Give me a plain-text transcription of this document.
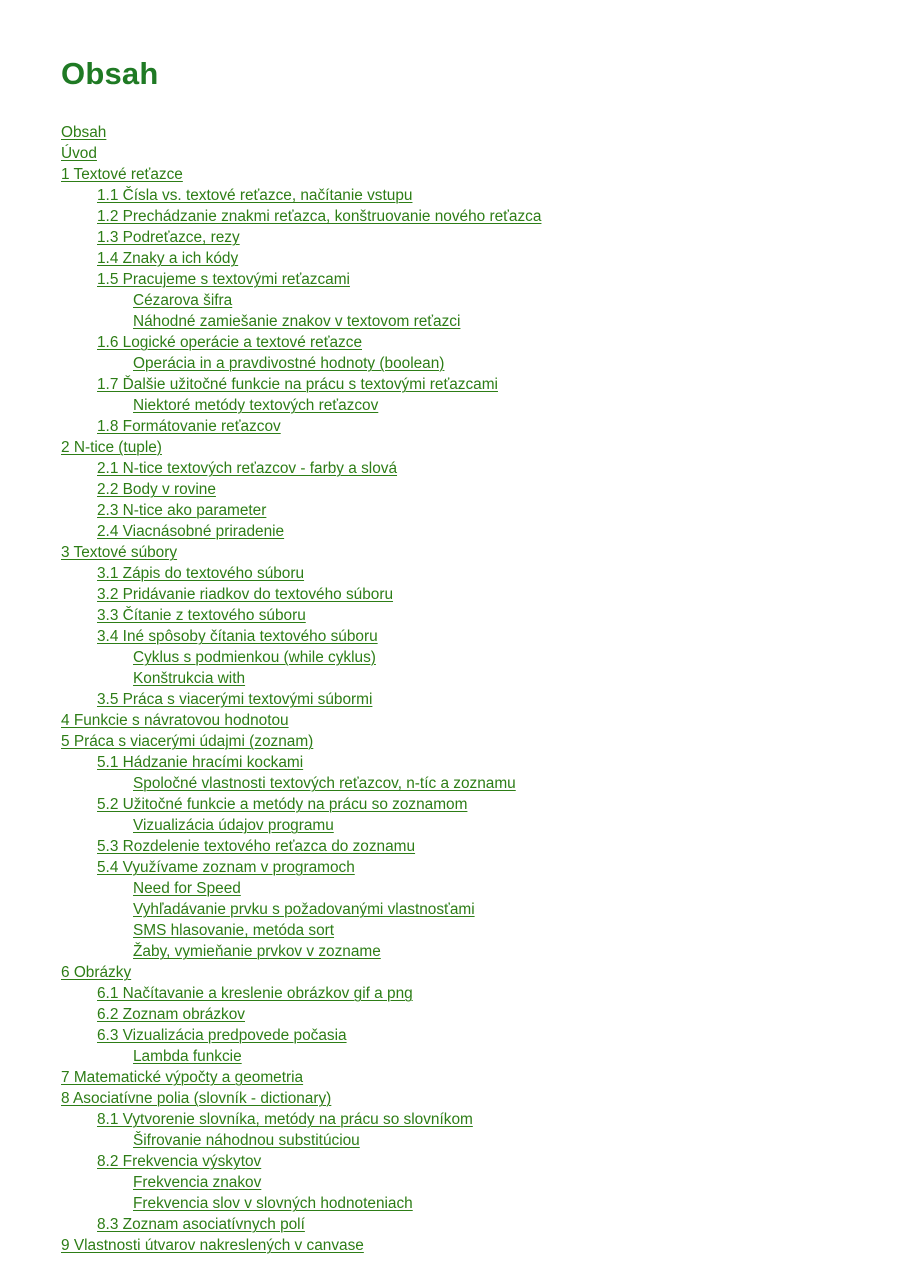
Obsah
Obsah
Úvod
1 Textové reťazce
1.1 Čísla vs. textové reťazce, načítanie vstupu
1.2 Prechádzanie znakmi reťazca, konštruovanie nového reťazca
1.3 Podreťazce, rezy
1.4 Znaky a ich kódy
1.5 Pracujeme s textovými reťazcami
Cézarova šifra
Náhodné zamiešanie znakov v textovom reťazci
1.6 Logické operácie a textové reťazce
Operácia in a pravdivostné hodnoty (boolean)
1.7 Ďalšie užitočné funkcie na prácu s textovými reťazcami
Niektoré metódy textových reťazcov
1.8 Formátovanie reťazcov
2 N-tice (tuple)
2.1 N-tice textových reťazcov - farby a slová
2.2 Body v rovine
2.3 N-tice ako parameter
2.4 Viacnásobné priradenie
3 Textové súbory
3.1 Zápis do textového súboru
3.2 Pridávanie riadkov do textového súboru
3.3 Čítanie z textového súboru
3.4 Iné spôsoby čítania textového súboru
Cyklus s podmienkou (while cyklus)
Konštrukcia with
3.5 Práca s viacerými textovými súbormi
4 Funkcie s návratovou hodnotou
5 Práca s viacerými údajmi (zoznam)
5.1 Hádzanie hracími kockami
Spoločné vlastnosti textových reťazcov, n-tíc a zoznamu
5.2 Užitočné funkcie a metódy na prácu so zoznamom
Vizualizácia údajov programu
5.3 Rozdelenie textového reťazca do zoznamu
5.4 Využívame zoznam v programoch
Need for Speed
Vyhľadávanie prvku s požadovanými vlastnosťami
SMS hlasovanie, metóda sort
Žaby, vymieňanie prvkov v zozname
6 Obrázky
6.1 Načítavanie a kreslenie obrázkov gif a png
6.2 Zoznam obrázkov
6.3 Vizualizácia predpovede počasia
Lambda funkcie
7 Matematické výpočty a geometria
8 Asociatívne polia (slovník - dictionary)
8.1 Vytvorenie slovníka, metódy na prácu so slovníkom
Šifrovanie náhodnou substitúciou
8.2 Frekvencia výskytov
Frekvencia znakov
Frekvencia slov v slovných hodnoteniach
8.3 Zoznam asociatívnych polí
9 Vlastnosti útvarov nakreslených v canvase
